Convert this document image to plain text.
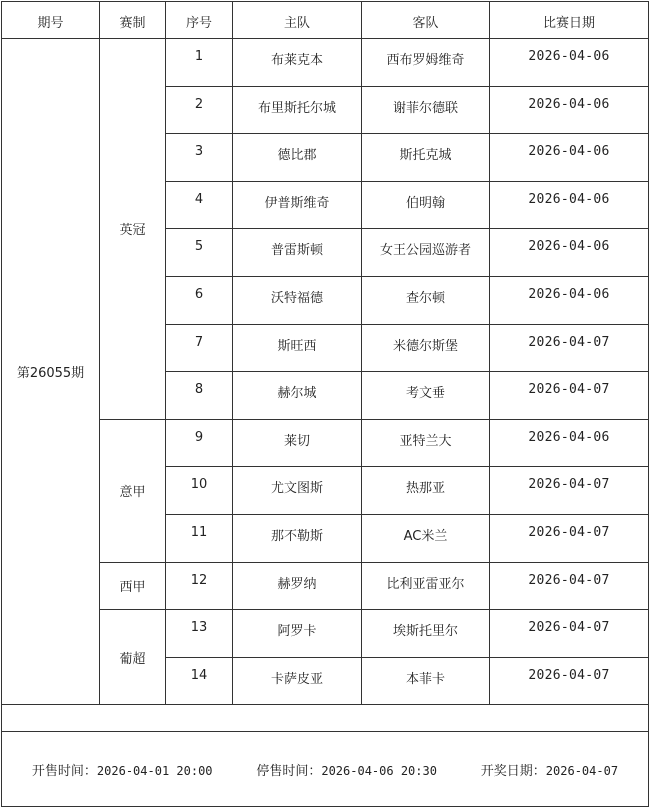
期号	赛制	序号	主队	客队	比赛日期
第26055期	英冠	1	布莱克本	西布罗姆维奇	2026-04-06
		2	布里斯托尔城	谢菲尔德联	2026-04-06
		3	德比郡	斯托克城	2026-04-06
		4	伊普斯维奇	伯明翰	2026-04-06
		5	普雷斯顿	女王公园巡游者	2026-04-06
		6	沃特福德	查尔顿	2026-04-06
		7	斯旺西	米德尔斯堡	2026-04-07
		8	赫尔城	考文垂	2026-04-07
	意甲	9	莱切	亚特兰大	2026-04-06
		10	尤文图斯	热那亚	2026-04-07
		11	那不勒斯	AC米兰	2026-04-07
	西甲	12	赫罗纳	比利亚雷亚尔	2026-04-07
	葡超	13	阿罗卡	埃斯托里尔	2026-04-07
		14	卡萨皮亚	本菲卡	2026-04-07

开售时间：2026-04-01 20:00 停售时间：2026-04-06 20:30 开奖日期：2026-04-07					
